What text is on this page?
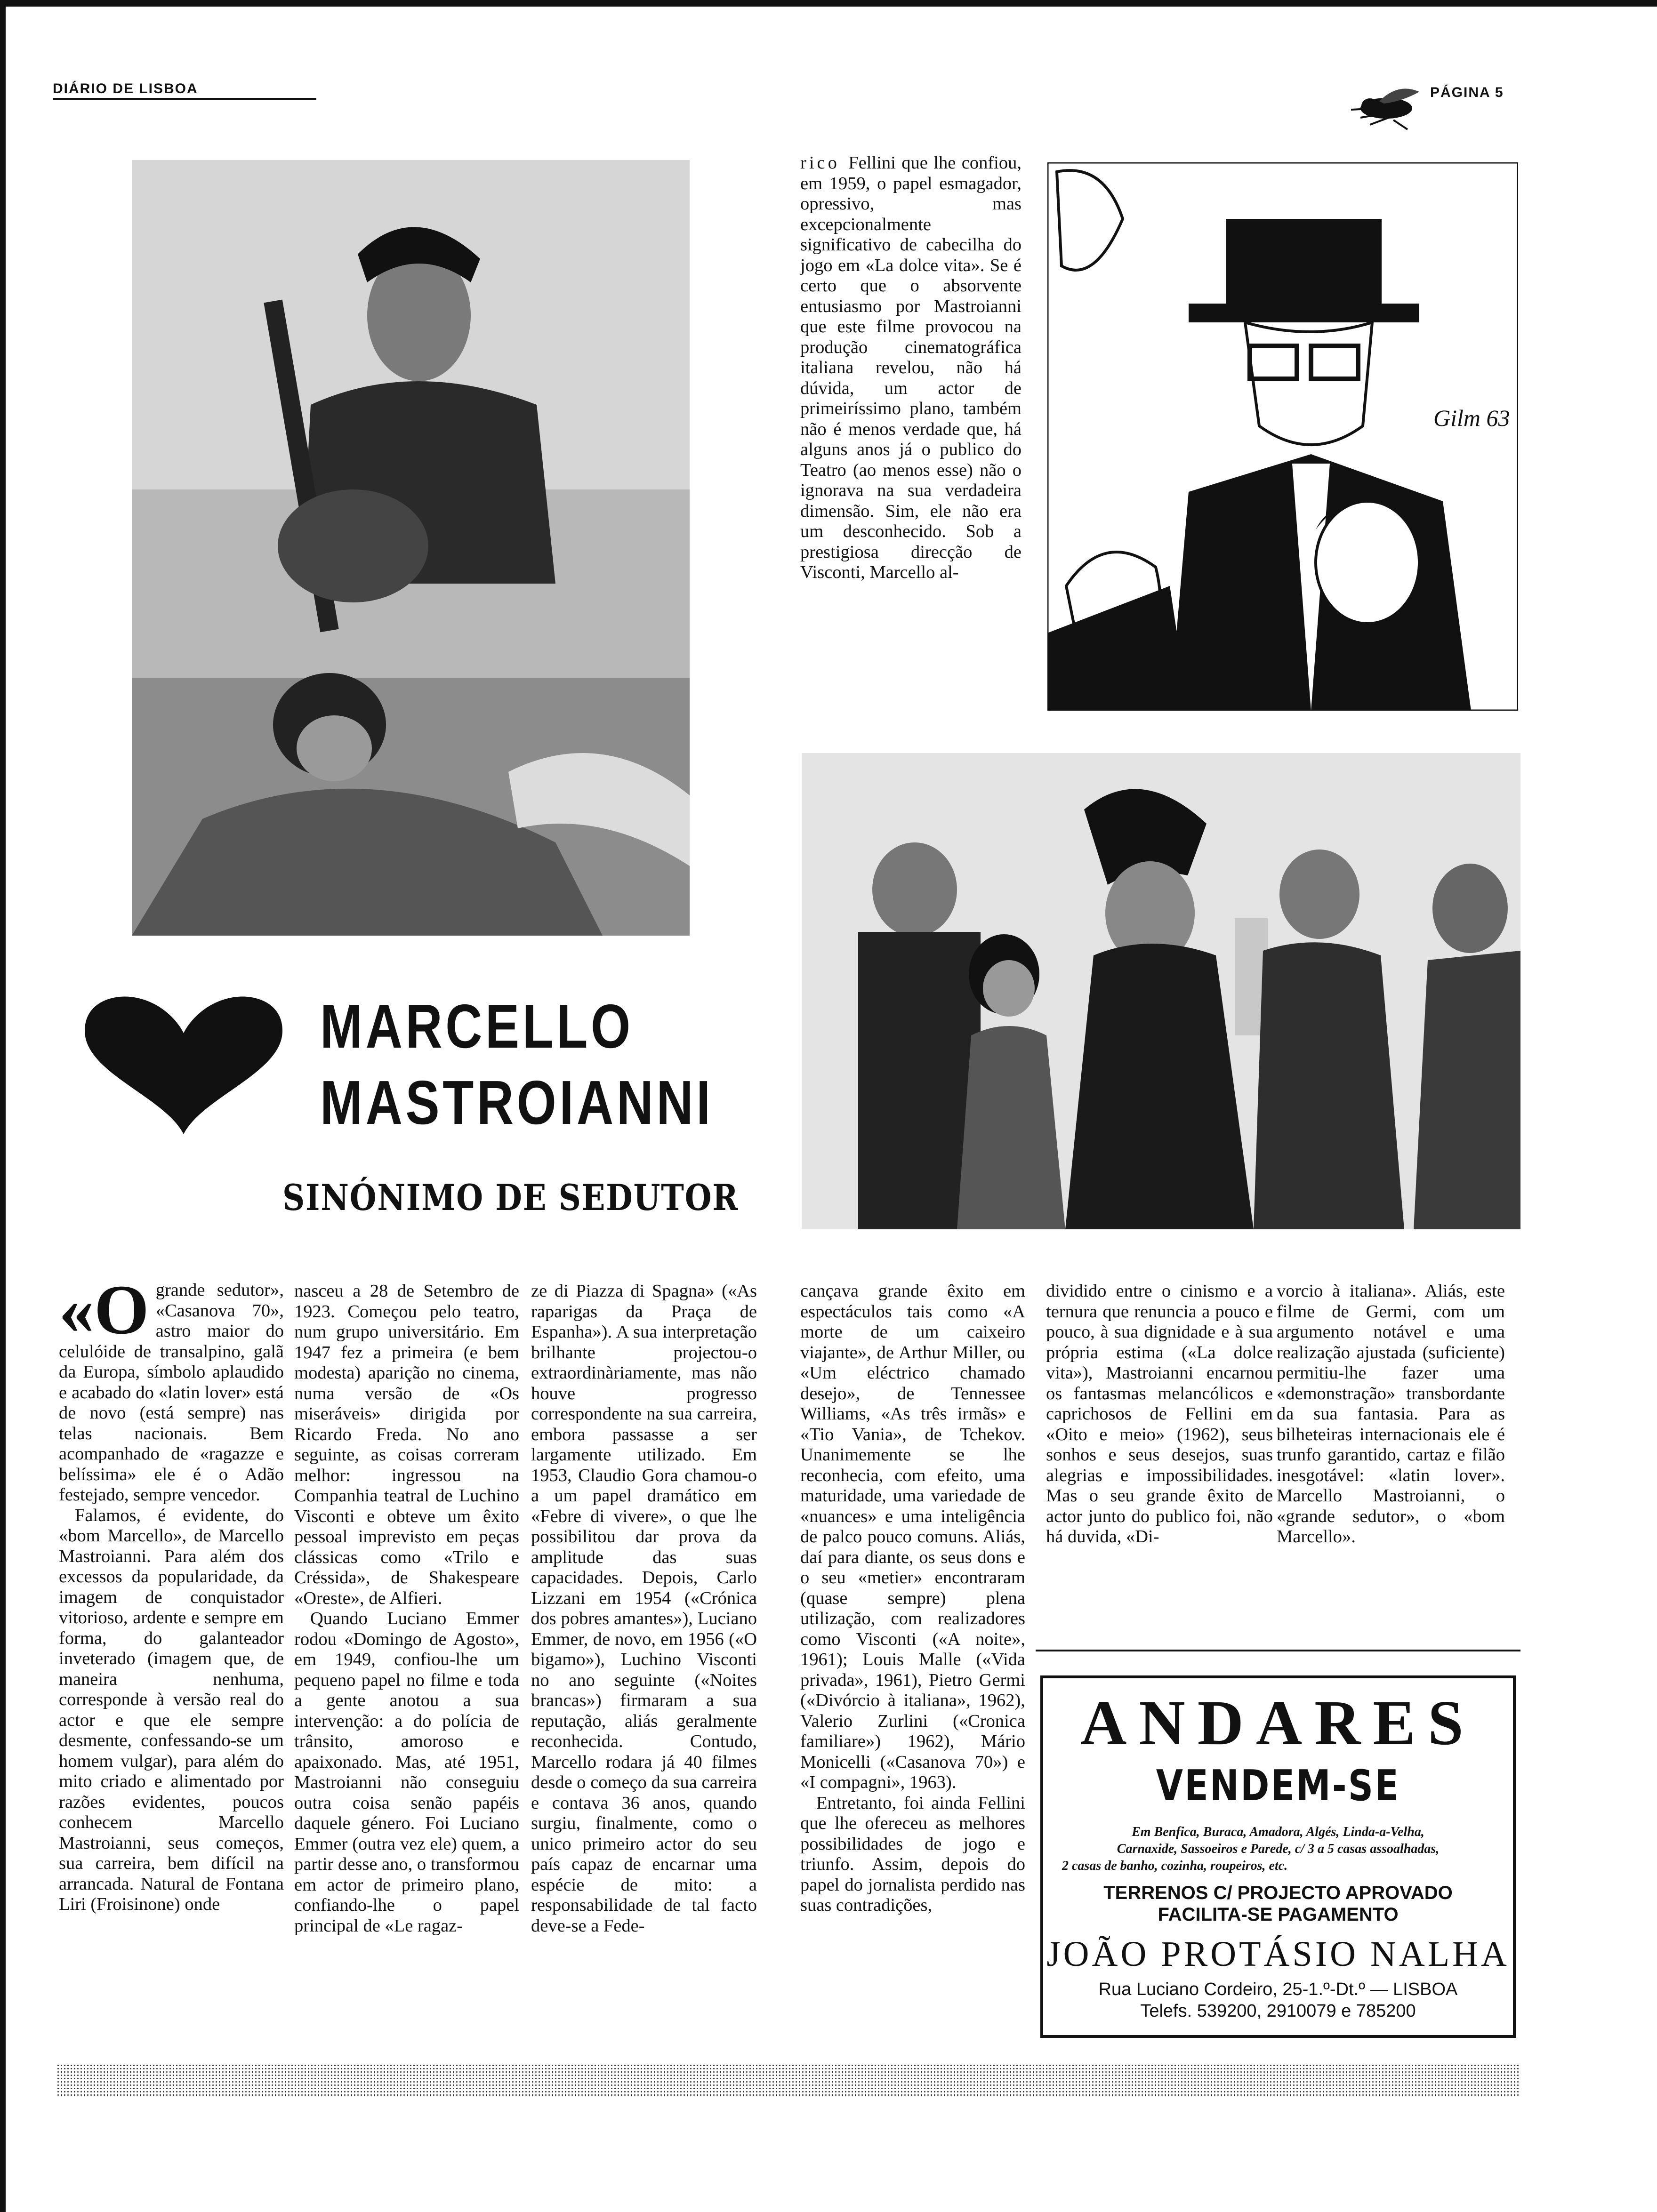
DIÁRIO DE LISBOA	PÁGINA 5

rico Fellini que lhe confiou, em 1959, o papel esmagador, opressivo, mas excepcionalmente significativo de cabecilha do jogo em «La dolce vita». Se é certo que o absorvente entusiasmo por Mastroianni que este filme provocou na produção cinematográfica italiana revelou, não há dúvida, um actor de primeiríssimo plano, também não é menos verdade que, há alguns anos já o publico do Teatro (ao menos esse) não o ignorava na sua verdadeira dimensão. Sim, ele não era um desconhecido. Sob a prestigiosa direcção de Visconti, Marcello al-

Gilm 63
MARCELLO
MASTROIANNI
SINÓNIMO DE SEDUTOR

«Ogrande sedutor», «Casanova 70», astro maior do celulóide de transalpino, galã da Europa, símbolo aplaudido e acabado do «latin lover» está de novo (está sempre) nas telas nacionais. Bem acompanhado de «ragazze e belíssima» ele é o Adão festejado, sempre vencedor.

Falamos, é evidente, do «bom Marcello», de Marcello Mastroianni. Para além dos excessos da popularidade, da imagem de conquistador vitorioso, ardente e sempre em forma, do galanteador inveterado (imagem que, de maneira nenhuma, corresponde à versão real do actor e que ele sempre desmente, confessando-se um homem vulgar), para além do mito criado e alimentado por razões evidentes, poucos conhecem Marcello Mastroianni, seus começos, sua carreira, bem difícil na arrancada. Natural de Fontana Liri (Froisinone) onde

nasceu a 28 de Setembro de 1923. Começou pelo teatro, num grupo universitário. Em 1947 fez a primeira (e bem modesta) aparição no cinema, numa versão de «Os miseráveis» dirigida por Ricardo Freda. No ano seguinte, as coisas correram melhor: ingressou na Companhia teatral de Luchino Visconti e obteve um êxito pessoal imprevisto em peças clássicas como «Trilo e Créssida», de Shakespeare «Oreste», de Alfieri.

Quando Luciano Emmer rodou «Domingo de Agosto», em 1949, confiou-lhe um pequeno papel no filme e toda a gente anotou a sua intervenção: a do polícia de trânsito, amoroso e apaixonado. Mas, até 1951, Mastroianni não conseguiu outra coisa senão papéis daquele género. Foi Luciano Emmer (outra vez ele) quem, a partir desse ano, o transformou em actor de primeiro plano, confiando-lhe o papel principal de «Le ragaz-

ze di Piazza di Spagna» («As raparigas da Praça de Espanha»). A sua interpretação brilhante projectou-o extraordinàriamente, mas não houve progresso correspondente na sua carreira, embora passasse a ser largamente utilizado. Em 1953, Claudio Gora chamou-o a um papel dramático em «Febre di vivere», o que lhe possibilitou dar prova da amplitude das suas capacidades. Depois, Carlo Lizzani em 1954 («Crónica dos pobres amantes»), Luciano Emmer, de novo, em 1956 («O bigamo»), Luchino Visconti no ano seguinte («Noites brancas») firmaram a sua reputação, aliás geralmente reconhecida. Contudo, Marcello rodara já 40 filmes desde o começo da sua carreira e contava 36 anos, quando surgiu, finalmente, como o unico primeiro actor do seu país capaz de encarnar uma espécie de mito: a responsabilidade de tal facto deve-se a Fede-

cançava grande êxito em espectáculos tais como «A morte de um caixeiro viajante», de Arthur Miller, ou «Um eléctrico chamado desejo», de Tennessee Williams, «As três irmãs» e «Tio Vania», de Tchekov. Unanimemente se lhe reconhecia, com efeito, uma maturidade, uma variedade de «nuances» e uma inteligência de palco pouco comuns. Aliás, daí para diante, os seus dons e o seu «metier» encontraram (quase sempre) plena utilização, com realizadores como Visconti («A noite», 1961); Louis Malle («Vida privada», 1961), Pietro Germi («Divórcio à italiana», 1962), Valerio Zurlini («Cronica familiare») 1962), Mário Monicelli («Casanova 70») e «I compagni», 1963).

Entretanto, foi ainda Fellini que lhe ofereceu as melhores possibilidades de jogo e triunfo. Assim, depois do papel do jornalista perdido nas suas contradições,

dividido entre o cinismo e a ternura que renuncia a pouco e pouco, à sua dignidade e à sua própria estima («La dolce vita»), Mastroianni encarnou os fantasmas melancólicos e caprichosos de Fellini em «Oito e meio» (1962), seus sonhos e seus desejos, suas alegrias e impossibilidades. Mas o seu grande êxito de actor junto do publico foi, não há duvida, «Di-

vorcio à italiana». Aliás, este filme de Germi, com um argumento notável e uma realização ajustada (suficiente) permitiu-lhe fazer uma «demonstração» transbordante da sua fantasia. Para as bilheteiras internacionais ele é trunfo garantido, cartaz e filão inesgotável: «latin lover». Marcello Mastroianni, o «grande sedutor», o «bom Marcello».

ANDARES
VENDEM-SE
Em Benfica, Buraca, Amadora, Algés, Linda-a-Velha,
Carnaxide, Sassoeiros e Parede, c/ 3 a 5 casas assoalhadas,
2 casas de banho, cozinha, roupeiros, etc.
TERRENOS C/ PROJECTO APROVADO
FACILITA-SE PAGAMENTO
JOÃO PROTÁSIO NALHA
Rua Luciano Cordeiro, 25-1.º-Dt.º — LISBOA
Telefs. 539200, 2910079 e 785200
